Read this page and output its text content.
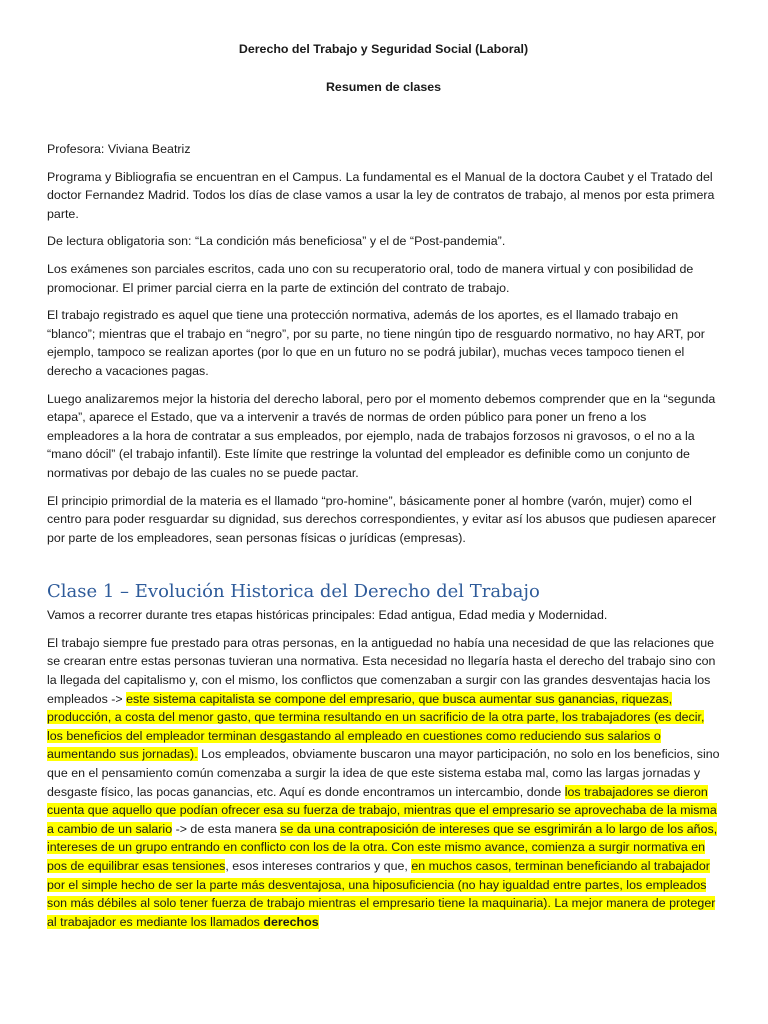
Derecho del Trabajo y Seguridad Social (Laboral)
Resumen de clases

Profesora: Viviana Beatriz

Programa y Bibliografia se encuentran en el Campus. La fundamental es el Manual de la doctora Caubet y el Tratado del doctor Fernandez Madrid. Todos los días de clase vamos a usar la ley de contratos de trabajo, al menos por esta primera parte.

De lectura obligatoria son: “La condición más beneficiosa” y el de “Post-pandemia”.

Los exámenes son parciales escritos, cada uno con su recuperatorio oral, todo de manera virtual y con posibilidad de promocionar. El primer parcial cierra en la parte de extinción del contrato de trabajo.

El trabajo registrado es aquel que tiene una protección normativa, además de los aportes, es el llamado trabajo en “blanco”; mientras que el trabajo en “negro”, por su parte, no tiene ningún tipo de resguardo normativo, no hay ART, por ejemplo, tampoco se realizan aportes (por lo que en un futuro no se podrá jubilar), muchas veces tampoco tienen el derecho a vacaciones pagas.

Luego analizaremos mejor la historia del derecho laboral, pero por el momento debemos comprender que en la “segunda etapa”, aparece el Estado, que va a intervenir a través de normas de orden público para poner un freno a los empleadores a la hora de contratar a sus empleados, por ejemplo, nada de trabajos forzosos ni gravosos, o el no a la “mano dócil” (el trabajo infantil). Este límite que restringe la voluntad del empleador es definible como un conjunto de normativas por debajo de las cuales no se puede pactar.

El principio primordial de la materia es el llamado “pro-homine”, básicamente poner al hombre (varón, mujer) como el centro para poder resguardar su dignidad, sus derechos correspondientes, y evitar así los abusos que pudiesen aparecer por parte de los empleadores, sean personas físicas o jurídicas (empresas).

Clase 1 – Evolución Historica del Derecho del Trabajo

Vamos a recorrer durante tres etapas históricas principales: Edad antigua, Edad media y Modernidad.

El trabajo siempre fue prestado para otras personas, en la antiguedad no había una necesidad de que las relaciones que se crearan entre estas personas tuvieran una normativa. Esta necesidad no llegaría hasta el derecho del trabajo sino con la llegada del capitalismo y, con el mismo, los conflictos que comenzaban a surgir con las grandes desventajas hacia los empleados -> este sistema capitalista se compone del empresario, que busca aumentar sus ganancias, riquezas, producción, a costa del menor gasto, que termina resultando en un sacrificio de la otra parte, los trabajadores (es decir, los beneficios del empleador terminan desgastando al empleado en cuestiones como reduciendo sus salarios o aumentando sus jornadas). Los empleados, obviamente buscaron una mayor participación, no solo en los beneficios, sino que en el pensamiento común comenzaba a surgir la idea de que este sistema estaba mal, como las largas jornadas y desgaste físico, las pocas ganancias, etc. Aquí es donde encontramos un intercambio, donde los trabajadores se dieron cuenta que aquello que podían ofrecer esa su fuerza de trabajo, mientras que el empresario se aprovechaba de la misma a cambio de un salario -> de esta manera se da una contraposición de intereses que se esgrimirán a lo largo de los años, intereses de un grupo entrando en conflicto con los de la otra. Con este mismo avance, comienza a surgir normativa en pos de equilibrar esas tensiones, esos intereses contrarios y que, en muchos casos, terminan beneficiando al trabajador por el simple hecho de ser la parte más desventajosa, una hiposuficiencia (no hay igualdad entre partes, los empleados son más débiles al solo tener fuerza de trabajo mientras el empresario tiene la maquinaria). La mejor manera de proteger al trabajador es mediante los llamados derechos
